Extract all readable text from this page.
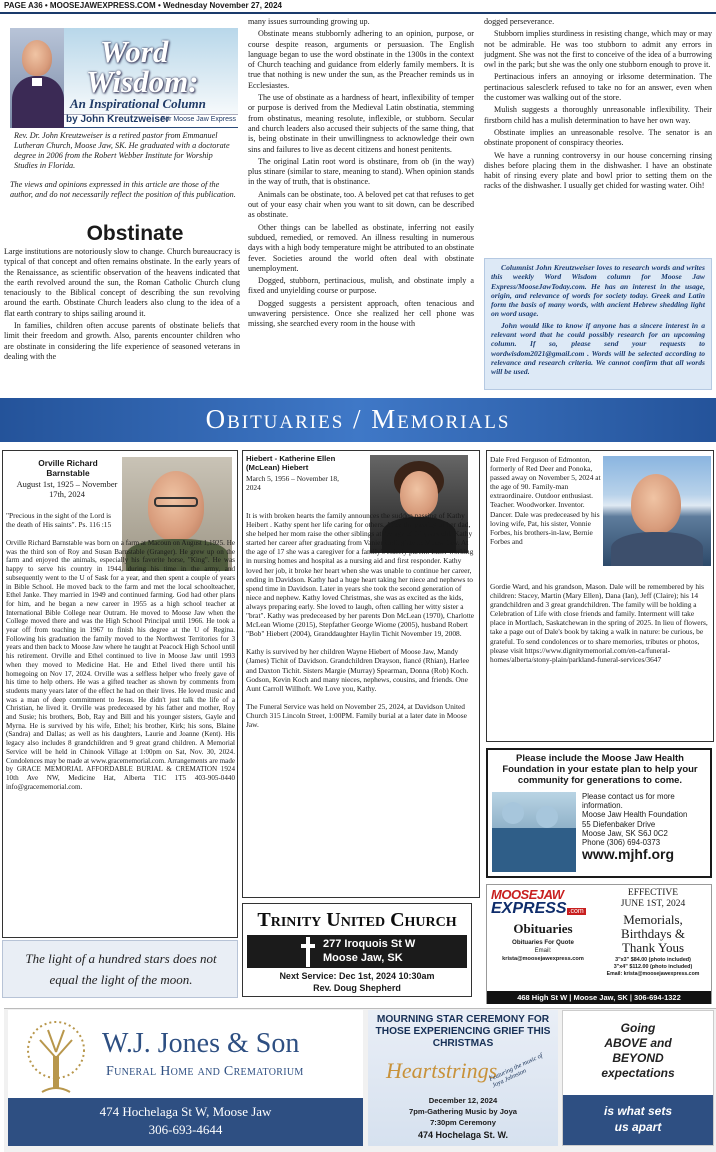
PAGE A36 • MOOSEJAWEXPRESS.COM • Wednesday November 27, 2024
Word
Wisdom:
An Inspirational Column
by John Kreutzweiser
For Moose Jaw Express
Rev. Dr. John Kreutzweiser is a retired pastor from Emmanuel Lutheran Church, Moose Jaw, SK. He graduated with a doctorate degree in 2006 from the Robert Webber Institute for Worship Studies in Florida.
The views and opinions expressed in this article are those of the author, and do not necessarily reflect the position of this publication.
Obstinate

Large institutions are notoriously slow to change. Church bureaucracy is typical of that concept and often remains obstinate. In the early years of the Renaissance, as scientific observation of the heavens indicated that the earth revolved around the sun, the Roman Catholic Church clung tenaciously to the Biblical concept of describing the sun revolving around the earth. Obstinate Church leaders also clung to the idea of a flat earth contrary to ships sailing around it.

In families, children often accuse parents of obstinate beliefs that limit their freedom and growth. Also, parents encounter children who are obstinate in considering the life experience of seasoned veterans in dealing with the

many issues surrounding growing up.

Obstinate means stubbornly adhering to an opinion, purpose, or course despite reason, arguments or persuasion. The English language began to use the word obstinate in the 1300s in the context of Church teaching and guidance from elderly family members. It is true that nothing is new under the sun, as the Preacher reminds us in Ecclesiastes.

The use of obstinate as a hardness of heart, inflexibility of temper or purpose is derived from the Medieval Latin obstinatia, stemming from obstinatus, meaning resolute, inflexible, or stubborn. Secular and church leaders also accused their subjects of the same thing, that is, being obstinate in their unwillingness to acknowledge their own sins and failures to live as decent citizens and honest penitents.

The original Latin root word is obstinare, from ob (in the way) plus stinare (similar to stare, meaning to stand). When opinion stands in the way of truth, that is obstinance.

Animals can be obstinate, too. A beloved pet cat that refuses to get out of your easy chair when you want to sit down, can be described as obstinate.

Other things can be labelled as obstinate, inferring not easily subdued, remedied, or removed. An illness resulting in numerous days with a high body temperature might be attributed to an obstinate fever. Societies around the world often deal with obstinate unemployment.

Dogged, stubborn, pertinacious, mulish, and obstinate imply a fixed and unyielding course or purpose.

Dogged suggests a persistent approach, often tenacious and unwavering persistence. Once she realized her cell phone was missing, she searched every room in the house with

dogged perseverance.

Stubborn implies sturdiness in resisting change, which may or may not be admirable. He was too stubborn to admit any errors in judgment. She was not the first to conceive of the idea of a burrowing owl in the park; but she was the only one stubborn enough to prove it.

Pertinacious infers an annoying or irksome determination. The pertinacious salesclerk refused to take no for an answer, even when the customer was walking out of the store.

Mulish suggests a thoroughly unreasonable inflexibility. Their firstborn child has a mulish determination to have her own way.

Obstinate implies an unreasonable resolve. The senator is an obstinate proponent of conspiracy theories.

We have a running controversy in our house concerning rinsing dishes before placing them in the dishwasher. I have an obstinate habit of rinsing every plate and bowl prior to setting them on the racks of the dishwasher. I usually get chided for wasting water. Oih!

Columnist John Kreutzweiser loves to research words and writes this weekly Word Wisdom column for Moose Jaw Express/MooseJawToday.com. He has an interest in the usage, origin, and relevance of words for society today. Greek and Latin form the basis of many words, with ancient Hebrew shedding light on word usage.

John would like to know if anyone has a sincere interest in a relevant word that he could possibly research for an upcoming column. If so, please send your requests to wordwisdom2021@gmail.com . Words will be selected according to relevance and research criteria. We cannot confirm that all words will be used.

Obituaries / Memorials
Orville Richard Barnstable
August 1st, 1925 – November 17th, 2024
"Precious in the sight of the Lord is the death of His saints". Ps. 116 :15
Orville Richard Barnstable was born on a farm at Macoun on August 1,1925. He was the third son of Roy and Susan Barnstable (Granger). He grew up on the farm and enjoyed the animals, especially his favorite horse, "King". He was happy to serve his country in 1944, during his time in the army, and subsequently went to the U of Sask for a year, and then spent a couple of years in Bible School. He moved back to the farm and met the local schoolteacher, Ethel Janke. They married in 1949 and continued farming. God had other plans for him, and he began a new career in 1955 as a high school teacher at International Bible College near Outram. He moved to Moose Jaw when the College moved there and was the High School Principal until 1966. He took a year off from teaching in 1967 to finish his degree at the U of Regina. Following his graduation the family moved to the Northwest Territories for 3 years and then back to Moose Jaw where he taught at Peacock High School until his retirement. Orville and Ethel continued to live in Moose Jaw until 1993 when they moved to Medicine Hat. He and Ethel lived there until his homegoing on Nov 17, 2024. Orville was a selfless helper who freely gave of his time to help others. He was a gifted teacher as shown by comments from students many years later of the effect he had on their lives. He loved music and was a man of deep commitment to Jesus. He didn't just talk the life of a Christian, he lived it. Orville was predeceased by his father and mother, Roy and Susie; his brothers, Bob, Ray and Bill and his younger sisters, Gayle and Myrna. He is survived by his wife, Ethel; his brother, Kirk; his sons, Blaine (Sandra) and Dallas; as well as his daughters, Laurie and Joanne (Kent). His legacy also includes 8 grandchildren and 9 great grand children. A Memorial Service will be held in Chinook Village at 1:00pm on Sat, Nov. 30, 2024. Condolences may be made at www.gracememorial.com. Arrangements are made by GRACE MEMORIAL AFFORDABLE BURIAL & CREMATION 1924 10th Ave NW, Medicine Hat, Alberta T1C 1T5 403-905-0440 info@gracememorial.com.
The light of a hundred stars does not equal the light of the moon.
Hiebert - Katherine Ellen (McLean) Hiebert
March 5, 1956 – November 18, 2024

It is with broken hearts the family announces the sudden passing of Kathy Heibert . Kathy spent her life caring for others. After the passing of her dad, she helped her mom raise the other siblings at the age of 14 years old. Kathy started her career after graduating from Vanier Collegiate in Moose Jaw. At the age of 17 she was a caregiver for a family's elderly parent. Later working in nursing homes and hospital as a nursing aid and first responder. Kathy loved her job, it broke her heart when she was unable to continue her career, ending in Davidson. Kathy had a huge heart taking her niece and nephews to spend time in Davidson. Later in years she took the second generation of niece and nephew. Kathy loved Christmas, she was as excited as the kids, always preparing early. She loved to laugh, often calling her witty sister a "brat". Kathy was predeceased by her parents Don McLean (1970), Charlotte McLean Wiome (2015), Stepfather George Wiome (2005), husband Robert "Bob" Hiebert (2004), Granddaughter Haylin Tichit November 19, 2008.

Kathy is survived by her children Wayne Hiebert of Moose Jaw, Mandy (James) Tichit of Davidson. Grandchildren Drayson, fiancé (Rhian), Harlee and Daxton Tichit. Sisters Margie (Murray) Spearman, Donna (Rob) Koch. Godson, Kevin Koch and many nieces, nephews, cousins, and friends. One Aunt Carroll Willhoft. We Love you, Kathy.

The Funeral Service was held on November 25, 2024, at Davidson United Church 315 Lincoln Street, 1:00PM. Family burial at a later date in Moose Jaw.

Trinity United Church
277 Iroquois St W
Moose Jaw, SK
Next Service: Dec 1st, 2024 10:30am
Rev. Doug Shepherd
Dale Fred Ferguson of Edmonton, formerly of Red Deer and Ponoka, passed away on November 5, 2024 at the age of 90. Family-man extraordinaire. Outdoor enthusiast. Teacher. Woodworker. Inventor. Dancer. Dale was predeceased by his loving wife, Pat, his sister, Vonnie Forbes, his brothers-in-law, Bernie Forbes and
Gordie Ward, and his grandson, Mason. Dale will be remembered by his children: Stacey, Martin (Mary Ellen), Dana (Ian), Jeff (Claire); his 14 grandchildren and 3 great grandchildren. The family will be holding a Celebration of Life with close friends and family. Interment will take place in Mortlach, Saskatchewan in the spring of 2025. In lieu of flowers, take a page out of Dale's book by taking a walk in nature: be curious, be grateful. To send condolences or to share memories, tributes or photos, please visit https://www.dignitymemorial.com/en-ca/funeral-homes/alberta/stony-plain/parkland-funeral-services/3647
Please include the Moose Jaw Health Foundation in your estate plan to help your community for generations to come.
Please contact us for more information.
Moose Jaw Health Foundation
55 Diefenbaker Drive
Moose Jaw, SK S6J 0C2
Phone (306) 694-0373
www.mjhf.org
MOOSEJAW
EXPRESS .com
Obituaries
Obituaries For Quote
Email:
krista@moosejawexpress.com
EFFECTIVE
JUNE 1ST, 2024
Memorials,
Birthdays &
Thank Yous
3"x3" $84.00 (photo included)
3"x4" $112.00 (photo included)
Email: krista@moosejawexpress.com
468 High St W | Moose Jaw, SK | 306-694-1322
W.J. Jones & Son
Funeral Home and Crematorium
474 Hochelaga St W, Moose Jaw
306-693-4644
MOURNING STAR CEREMONY FOR THOSE EXPERIENCING GRIEF THIS CHRISTMAS
Heartstrings
Featuring the music of Joya Johnston
December 12, 2024
7pm-Gathering Music by Joya
7:30pm Ceremony
474 Hochelaga St. W.
Going
ABOVE and
BEYOND
expectations
is what sets
us apart
